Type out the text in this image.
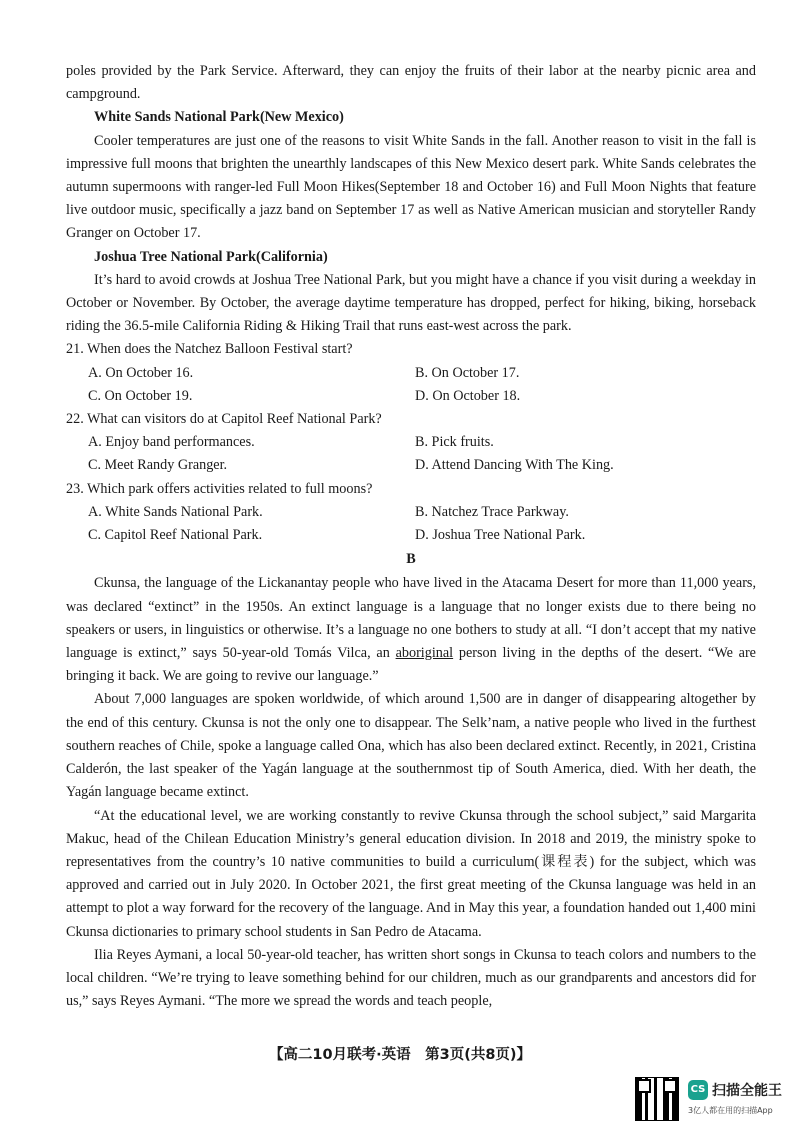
poles provided by the Park Service. Afterward, they can enjoy the fruits of their labor at the nearby picnic area and campground.

White Sands National Park(New Mexico)

Cooler temperatures are just one of the reasons to visit White Sands in the fall. Another reason to visit in the fall is impressive full moons that brighten the unearthly landscapes of this New Mexico desert park. White Sands celebrates the autumn supermoons with ranger-led Full Moon Hikes(September 18 and October 16) and Full Moon Nights that feature live outdoor music, specifically a jazz band on September 17 as well as Native American musician and storyteller Randy Granger on October 17.

Joshua Tree National Park(California)

It’s hard to avoid crowds at Joshua Tree National Park, but you might have a chance if you visit during a weekday in October or November. By October, the average daytime temperature has dropped, perfect for hiking, biking, horseback riding the 36.5-mile California Riding & Hiking Trail that runs east-west across the park.

21. When does the Natchez Balloon Festival start?

A. On October 16.	B. On October 17.
C. On October 19.	D. On October 18.

22. What can visitors do at Capitol Reef National Park?

A. Enjoy band performances.	B. Pick fruits.
C. Meet Randy Granger.	D. Attend Dancing With The King.

23. Which park offers activities related to full moons?

A. White Sands National Park.	B. Natchez Trace Parkway.
C. Capitol Reef National Park.	D. Joshua Tree National Park.

B

Ckunsa, the language of the Lickanantay people who have lived in the Atacama Desert for more than 11,000 years, was declared “extinct” in the 1950s. An extinct language is a language that no longer exists due to there being no speakers or users, in linguistics or otherwise. It’s a language no one bothers to study at all. “I don’t accept that my native language is extinct,” says 50-year-old Tomás Vilca, an aboriginal person living in the depths of the desert. “We are bringing it back. We are going to revive our language.”

About 7,000 languages are spoken worldwide, of which around 1,500 are in danger of disappearing altogether by the end of this century. Ckunsa is not the only one to disappear. The Selk’nam, a native people who lived in the furthest southern reaches of Chile, spoke a language called Ona, which has also been declared extinct. Recently, in 2021, Cristina Calderón, the last speaker of the Yagán language at the southernmost tip of South America, died. With her death, the Yagán language became extinct.

“At the educational level, we are working constantly to revive Ckunsa through the school subject,” said Margarita Makuc, head of the Chilean Education Ministry’s general education division. In 2018 and 2019, the ministry spoke to representatives from the country’s 10 native communities to build a curriculum(课程表) for the subject, which was approved and carried out in July 2020. In October 2021, the first great meeting of the Ckunsa language was held in an attempt to plot a way forward for the recovery of the language. And in May this year, a foundation handed out 1,400 mini Ckunsa dictionaries to primary school students in San Pedro de Atacama.

Ilia Reyes Aymani, a local 50-year-old teacher, has written short songs in Ckunsa to teach colors and numbers to the local children. “We’re trying to leave something behind for our children, much as our grandparents and ancestors did for us,” says Reyes Aymani. “The more we spread the words and teach people,

【高二10月联考·英语　第3页(共8页)】
CS 扫描全能王
3亿人都在用的扫描App
